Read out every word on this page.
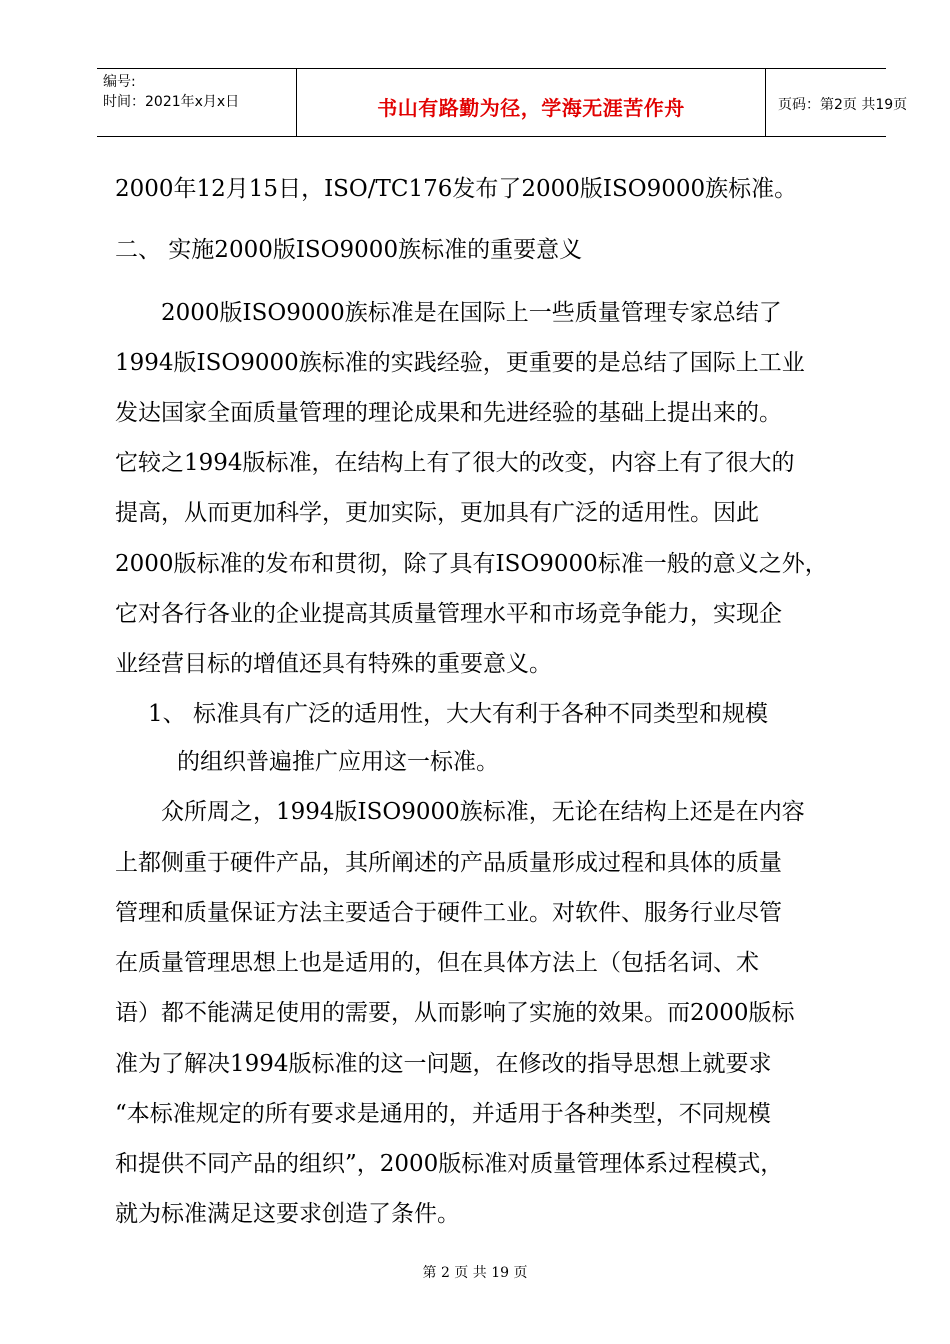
编号:
时间：2021年x月x日	书山有路勤为径，学海无涯苦作舟	页码：第2页 共19页
2000年12月15日，ISO/TC176发布了2000版ISO9000族标准。
二、 实施2000版ISO9000族标准的重要意义
2000版ISO9000族标准是在国际上一些质量管理专家总结了
1994版ISO9000族标准的实践经验，更重要的是总结了国际上工业
发达国家全面质量管理的理论成果和先进经验的基础上提出来的。
它较之1994版标准，在结构上有了很大的改变，内容上有了很大的
提高，从而更加科学，更加实际，更加具有广泛的适用性。因此
2000版标准的发布和贯彻，除了具有ISO9000标准一般的意义之外，
它对各行各业的企业提高其质量管理水平和市场竞争能力，实现企
业经营目标的增值还具有特殊的重要意义。
1、 标准具有广泛的适用性，大大有利于各种不同类型和规模
的组织普遍推广应用这一标准。
众所周之，1994版ISO9000族标准，无论在结构上还是在内容
上都侧重于硬件产品，其所阐述的产品质量形成过程和具体的质量
管理和质量保证方法主要适合于硬件工业。对软件、服务行业尽管
在质量管理思想上也是适用的，但在具体方法上（包括名词、术
语）都不能满足使用的需要，从而影响了实施的效果。而2000版标
准为了解决1994版标准的这一问题，在修改的指导思想上就要求
“本标准规定的所有要求是通用的，并适用于各种类型，不同规模
和提供不同产品的组织”，2000版标准对质量管理体系过程模式，
就为标准满足这要求创造了条件。
第 2 页 共 19 页
